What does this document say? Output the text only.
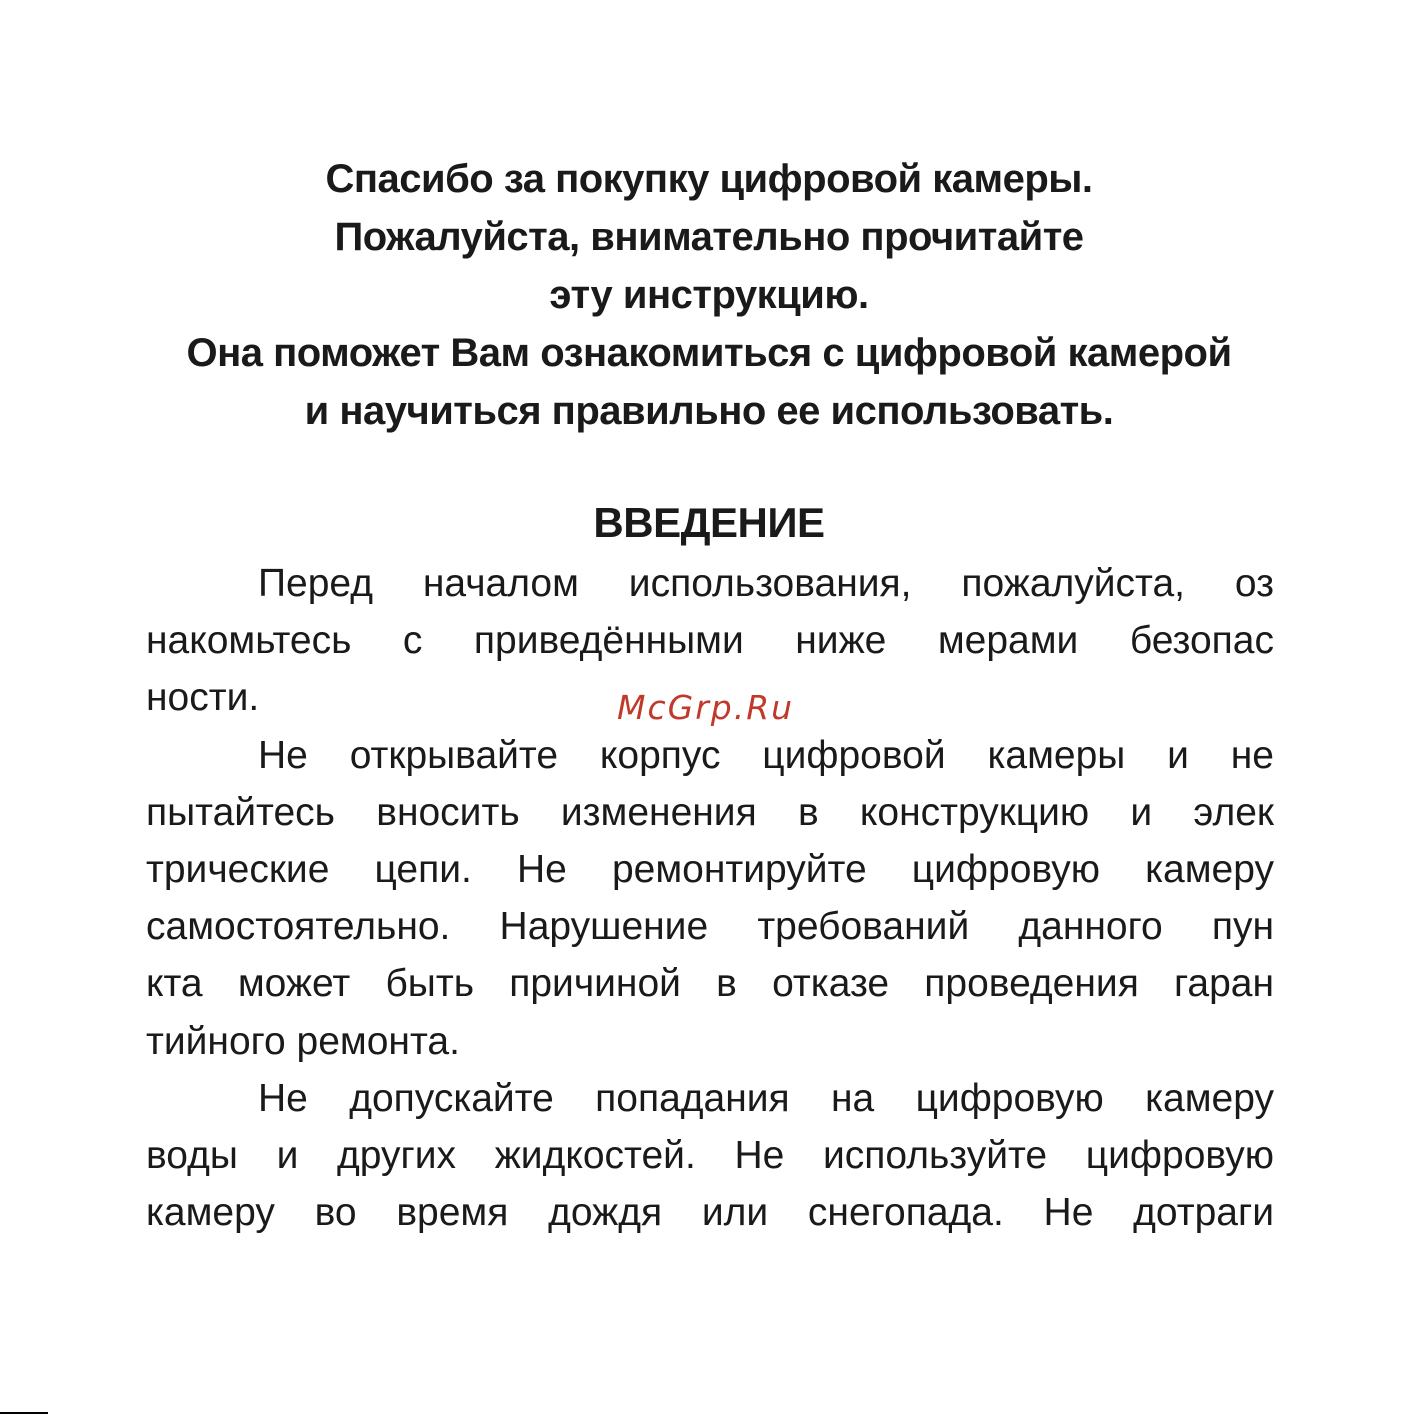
Спасибо за покупку цифровой камеры.
Пожалуйста, внимательно прочитайте
эту инструкцию.
Она поможет Вам ознакомиться с цифровой камерой
и научиться правильно ее использовать.
ВВЕДЕНИЕ
Перед началом использования, пожалуйста, оз
накомьтесь с приведёнными ниже мерами безопас
ности.
Не открывайте корпус цифровой камеры и не
пытайтесь вносить изменения в конструкцию и элек
трические цепи. Не ремонтируйте цифровую камеру
самостоятельно. Нарушение требований данного пун
кта может быть причиной в отказе проведения гаран
тийного ремонта.
Не допускайте попадания на цифровую камеру
воды и других жидкостей. Не используйте цифровую
камеру во время дождя или снегопада. Не дотраги
McGrp.Ru
